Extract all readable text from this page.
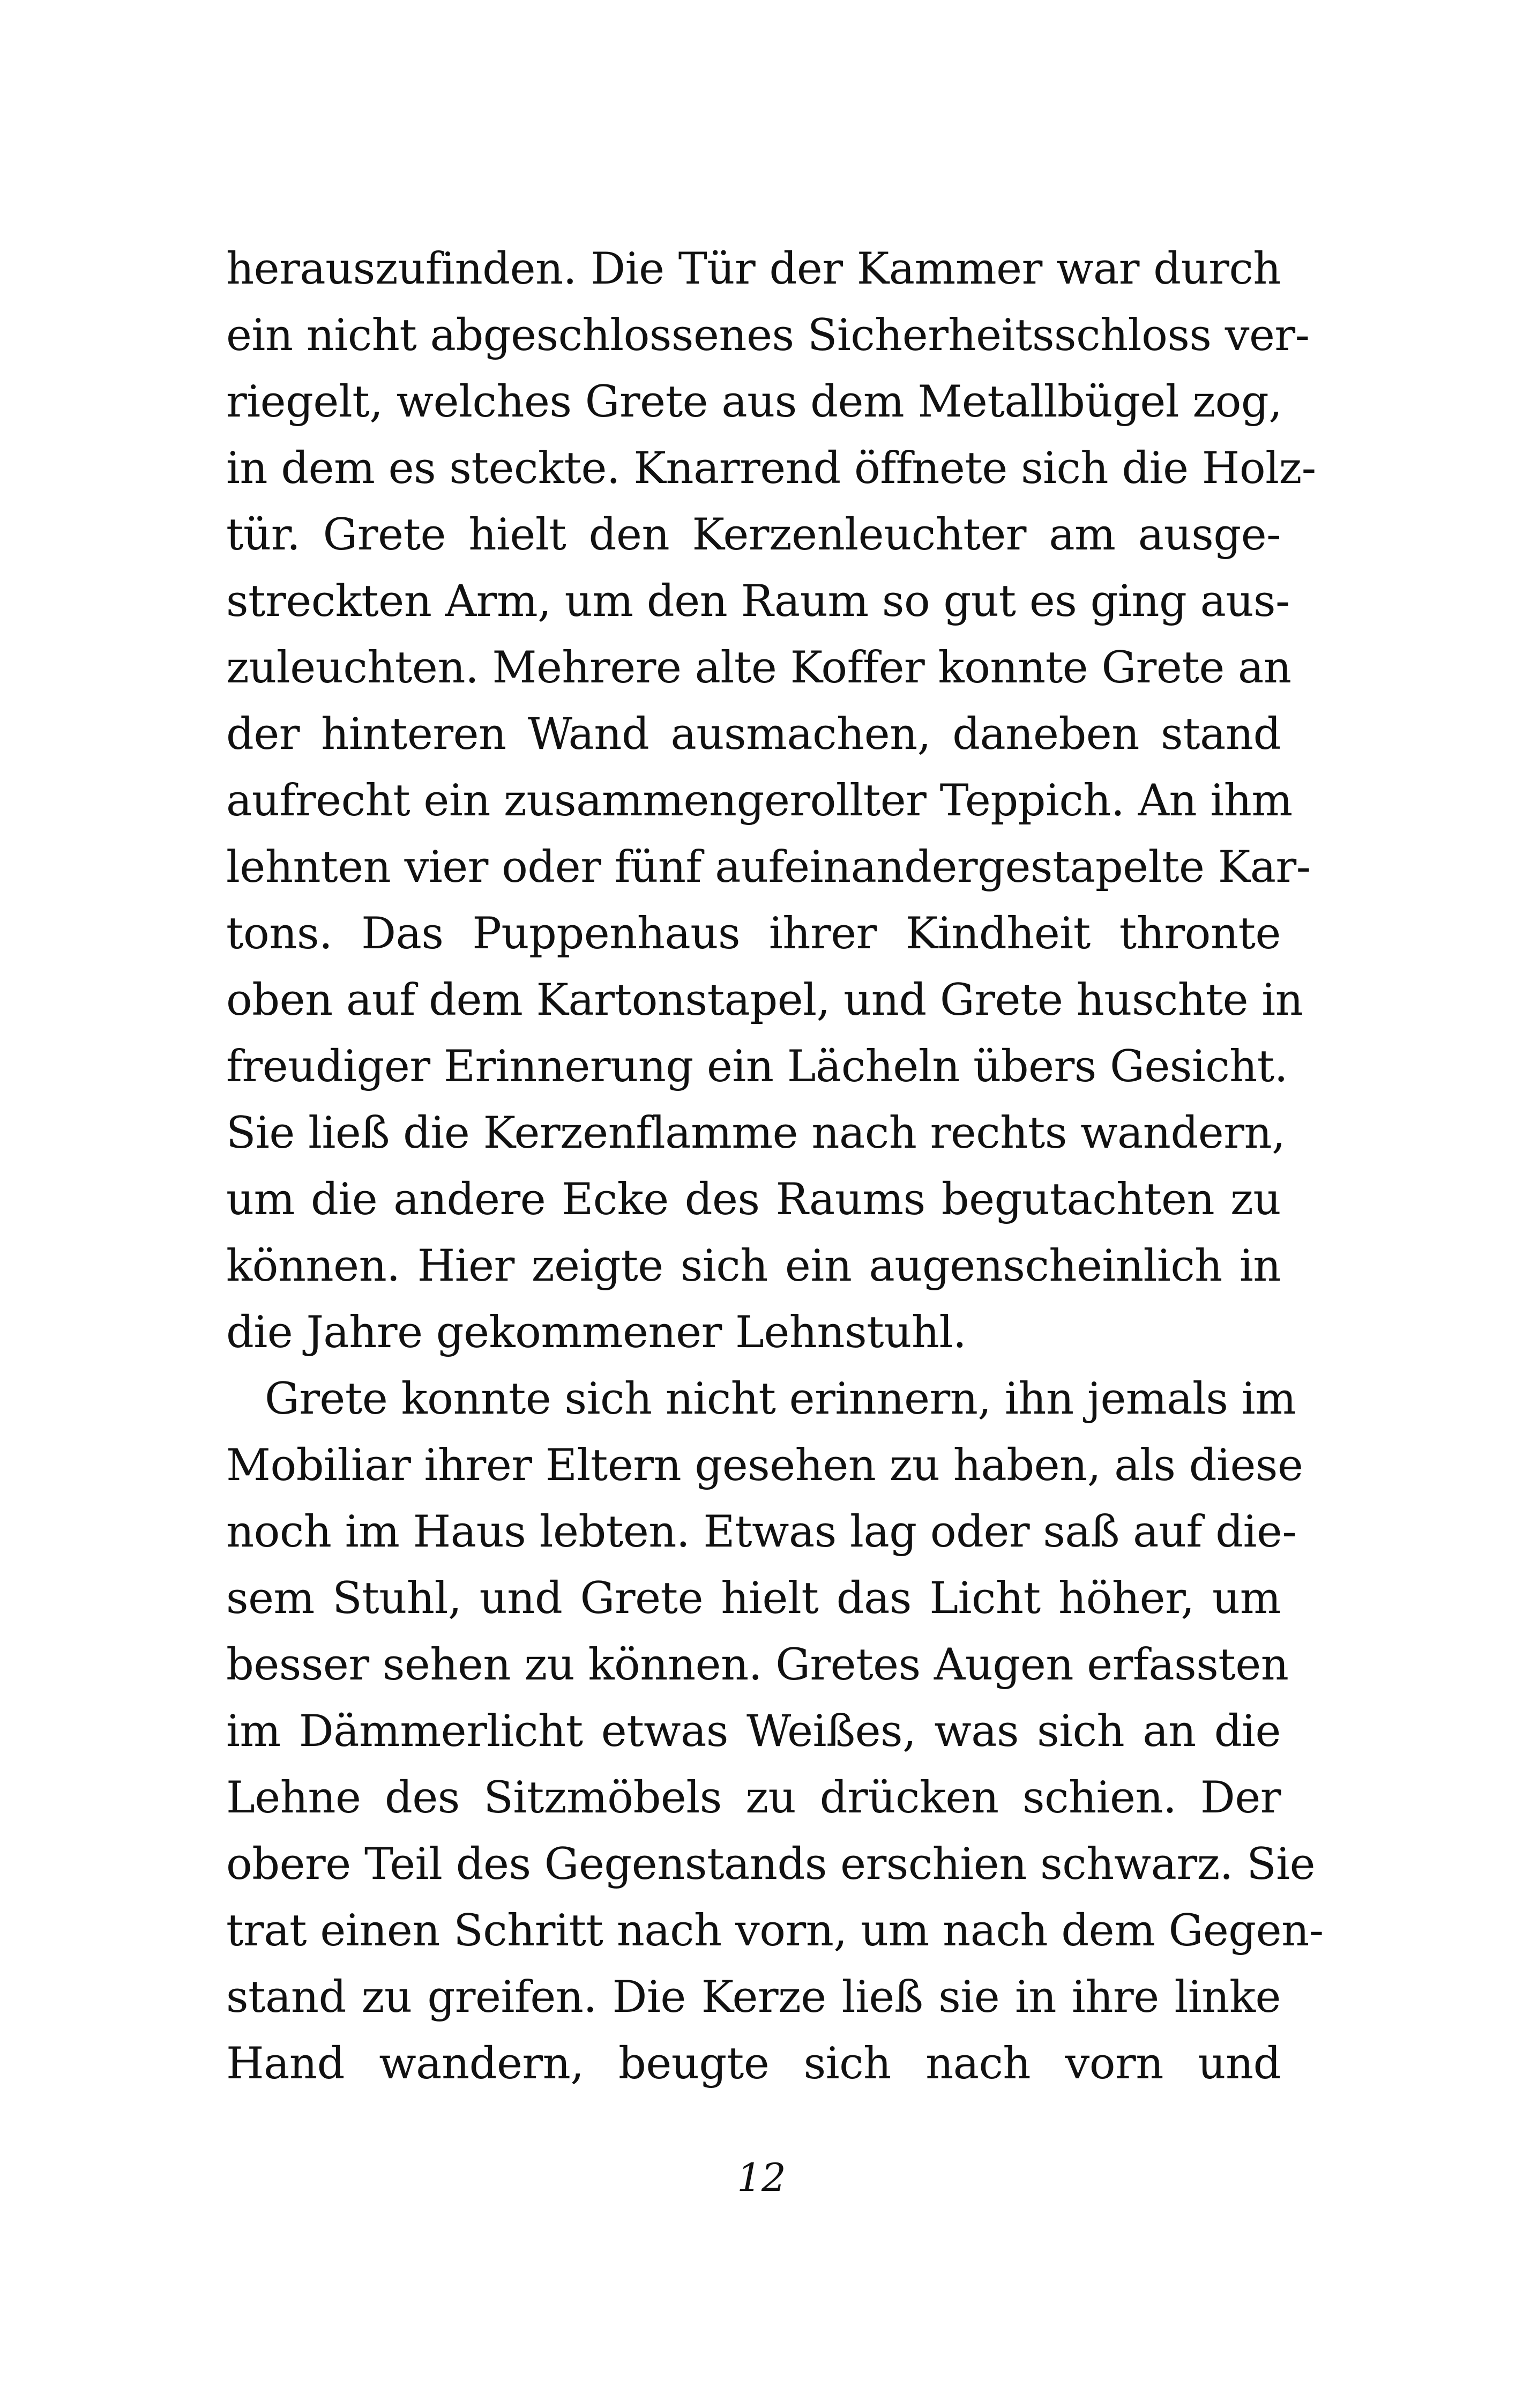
herauszufinden. Die Tür der Kammer war durch
ein nicht abgeschlossenes Sicherheitsschloss ver-
riegelt, welches Grete aus dem Metallbügel zog,
in dem es steckte. Knarrend öffnete sich die Holz-
tür. Grete hielt den Kerzenleuchter am ausge-
streckten Arm, um den Raum so gut es ging aus-
zuleuchten. Mehrere alte Koffer konnte Grete an
der hinteren Wand ausmachen, daneben stand
aufrecht ein zusammengerollter Teppich. An ihm
lehnten vier oder fünf aufeinandergestapelte Kar-
tons. Das Puppenhaus ihrer Kindheit thronte
oben auf dem Kartonstapel, und Grete huschte in
freudiger Erinnerung ein Lächeln übers Gesicht.
Sie ließ die Kerzenflamme nach rechts wandern,
um die andere Ecke des Raums begutachten zu
können. Hier zeigte sich ein augenscheinlich in
die Jahre gekommener Lehnstuhl.
Grete konnte sich nicht erinnern, ihn jemals im
Mobiliar ihrer Eltern gesehen zu haben, als diese
noch im Haus lebten. Etwas lag oder saß auf die-
sem Stuhl, und Grete hielt das Licht höher, um
besser sehen zu können. Gretes Augen erfassten
im Dämmerlicht etwas Weißes, was sich an die
Lehne des Sitzmöbels zu drücken schien. Der
obere Teil des Gegenstands erschien schwarz. Sie
trat einen Schritt nach vorn, um nach dem Gegen-
stand zu greifen. Die Kerze ließ sie in ihre linke
Hand wandern, beugte sich nach vorn und
12
